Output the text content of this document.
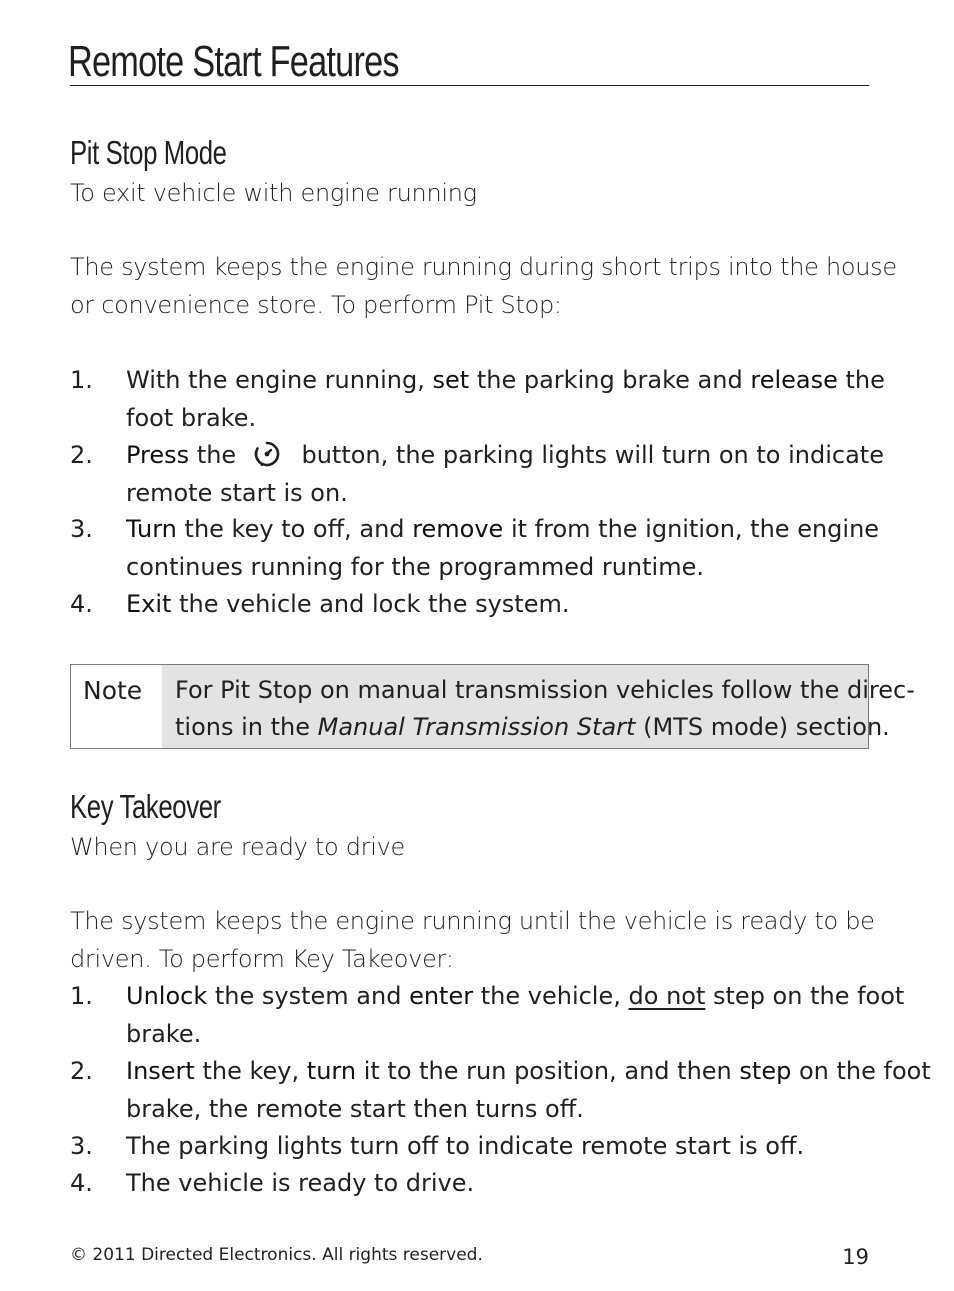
Remote Start Features
Pit Stop Mode
To exit vehicle with engine running
The system keeps the engine running during short trips into the house
or convenience store. To perform Pit Stop:
1.	With the engine running, set the parking brake and release the
foot brake.
2.	Press the	button, the parking lights will turn on to indicate
remote start is on.
3.	Turn the key to off, and remove it from the ignition, the engine
continues running for the programmed runtime.
4.	Exit the vehicle and lock the system.
Note For Pit Stop on manual transmission vehicles follow the direc-
tions in the Manual Transmission Start (MTS mode) section.
Key Takeover
When you are ready to drive
The system keeps the engine running until the vehicle is ready to be
driven. To perform Key Takeover:
1.	Unlock the system and enter the vehicle, do not step on the foot
brake.
2.	Insert the key, turn it to the run position, and then step on the foot
brake, the remote start then turns off.
3.	The parking lights turn off to indicate remote start is off.
4.	The vehicle is ready to drive.
© 2011 Directed Electronics. All rights reserved.	19
